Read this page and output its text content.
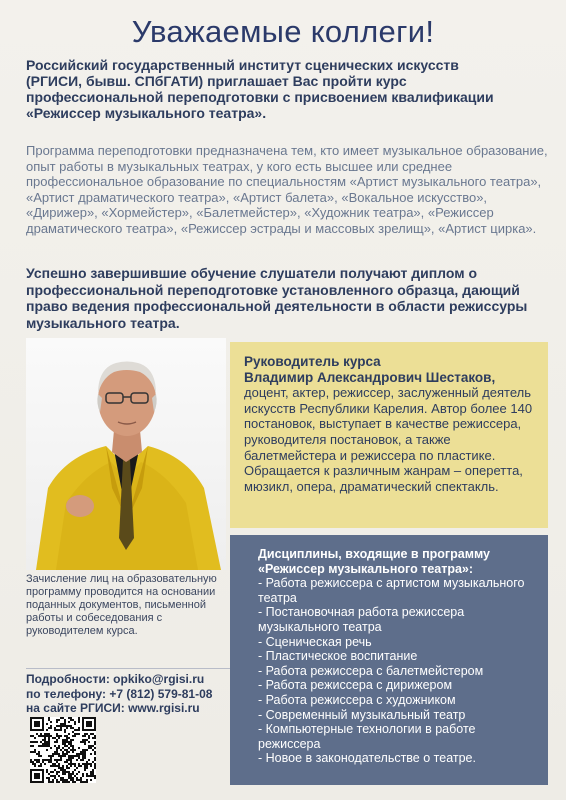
Уважаемые коллеги!

Российский государственный институт сценических искусств

(РГИСИ, бывш. СПбГАТИ) приглашает Вас пройти курс

профессиональной переподготовки с присвоением квалификации

«Режиссер музыкального театра».

Программа переподготовки предназначена тем, кто имеет музыкальное образование, опыт работы в музыкальных театрах, у кого есть высшее или среднее профессиональное образование по специальностям «Артист музыкального театра», «Артист драматического театра», «Артист балета», «Вокальное искусство», «Дирижер», «Хормейстер», «Балетмейстер», «Художник театра», «Режиссер драматического театра», «Режиссер эстрады и массовых зрелищ», «Артист цирка».
Успешно завершившие обучение слушатели получают диплом о профессиональной переподготовке установленного образца, дающий право ведения профессиональной деятельности в области режиссуры музыкального театра.
Зачисление лиц на образовательную программу проводится на основании поданных документов, письменной работы и собеседования с руководителем курса.
Подробности: opkiko@rgisi.ru
по телефону: +7 (812) 579-81-08
на сайте РГИСИ: www.rgisi.ru
Руководитель курса
Владимир Александрович Шестаков,
доцент, актер, режиссер, заслуженный деятель искусств Республики Карелия. Автор более 140 постановок, выступает в качестве режиссера, руководителя постановок, а также балетмейстера и режиссера по пластике. Обращается к различным жанрам – оперетта, мюзикл, опера, драматический спектакль.
Дисциплины, входящие в программу «Режиссер музыкального театра»:
- Работа режиссера с артистом музыкального театра
- Постановочная работа режиссера музыкального театра
- Сценическая речь
- Пластическое воспитание
- Работа режиссера с балетмейстером
- Работа режиссера с дирижером
- Работа режиссера с художником
- Современный музыкальный театр
- Компьютерные технологии в работе режиссера
- Новое в законодательстве о театре.
